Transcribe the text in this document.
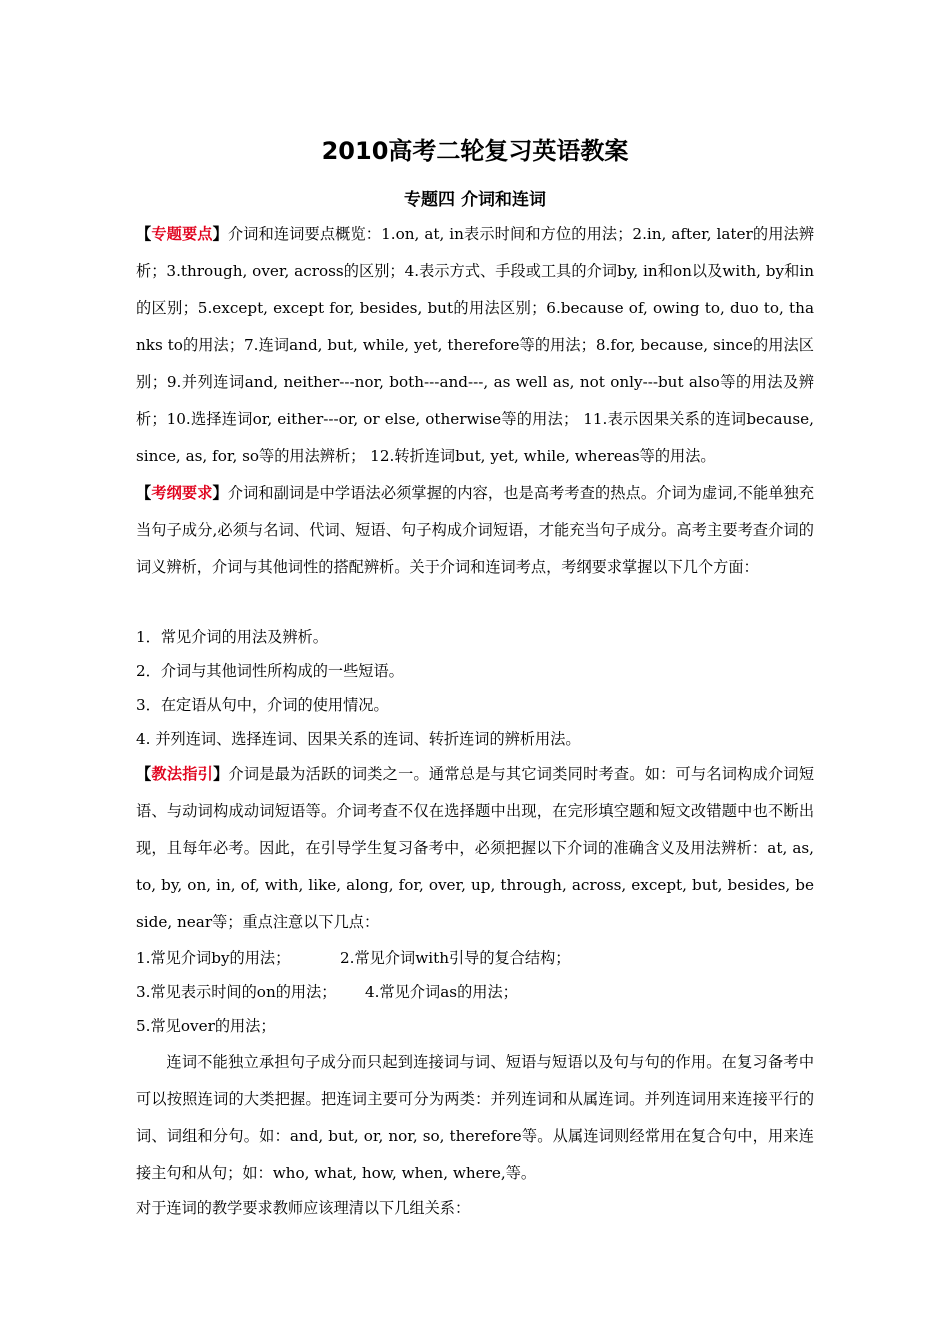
2010高考二轮复习英语教案
专题四 介词和连词
【专题要点】介词和连词要点概览：1.on, at, in表示时间和方位的用法；2.in, after, later的用法辨析；3.through, over, across的区别；4.表示方式、手段或工具的介词by, in和on以及with, by和in的区别；5.except, except for, besides, but的用法区别；6.because of, owing to, duo to, thanks to的用法；7.连词and, but, while, yet, therefore等的用法；8.for, because, since的用法区别；9.并列连词and, neither---nor, both---and---, as well as, not only---but also等的用法及辨析；10.选择连词or, either---or, or else, otherwise等的用法； 11.表示因果关系的连词because, since, as, for, so等的用法辨析； 12.转折连词but, yet, while, whereas等的用法。
【考纲要求】介词和副词是中学语法必须掌握的内容，也是高考考查的热点。介词为虚词,不能单独充当句子成分,必须与名词、代词、短语、句子构成介词短语，才能充当句子成分。高考主要考查介词的词义辨析，介词与其他词性的搭配辨析。关于介词和连词考点，考纲要求掌握以下几个方面：
1．常见介词的用法及辨析。
2．介词与其他词性所构成的一些短语。
3．在定语从句中，介词的使用情况。
4. 并列连词、选择连词、因果关系的连词、转折连词的辨析用法。
【教法指引】介词是最为活跃的词类之一。通常总是与其它词类同时考查。如：可与名词构成介词短语、与动词构成动词短语等。介词考查不仅在选择题中出现，在完形填空题和短文改错题中也不断出现，且每年必考。因此，在引导学生复习备考中，必须把握以下介词的准确含义及用法辨析：at, as, to, by, on, in, of, with, like, along, for, over, up, through, across, except, but, besides, beside, near等；重点注意以下几点：
1.常见介词by的用法；	2.常见介词with引导的复合结构；
3.常见表示时间的on的用法； 4.常见介词as的用法；
5.常见over的用法；
连词不能独立承担句子成分而只起到连接词与词、短语与短语以及句与句的作用。在复习备考中可以按照连词的大类把握。把连词主要可分为两类：并列连词和从属连词。并列连词用来连接平行的词、词组和分句。如：and, but, or, nor, so, therefore等。从属连词则经常用在复合句中，用来连接主句和从句；如：who, what, how, when, where,等。
对于连词的教学要求教师应该理清以下几组关系：
